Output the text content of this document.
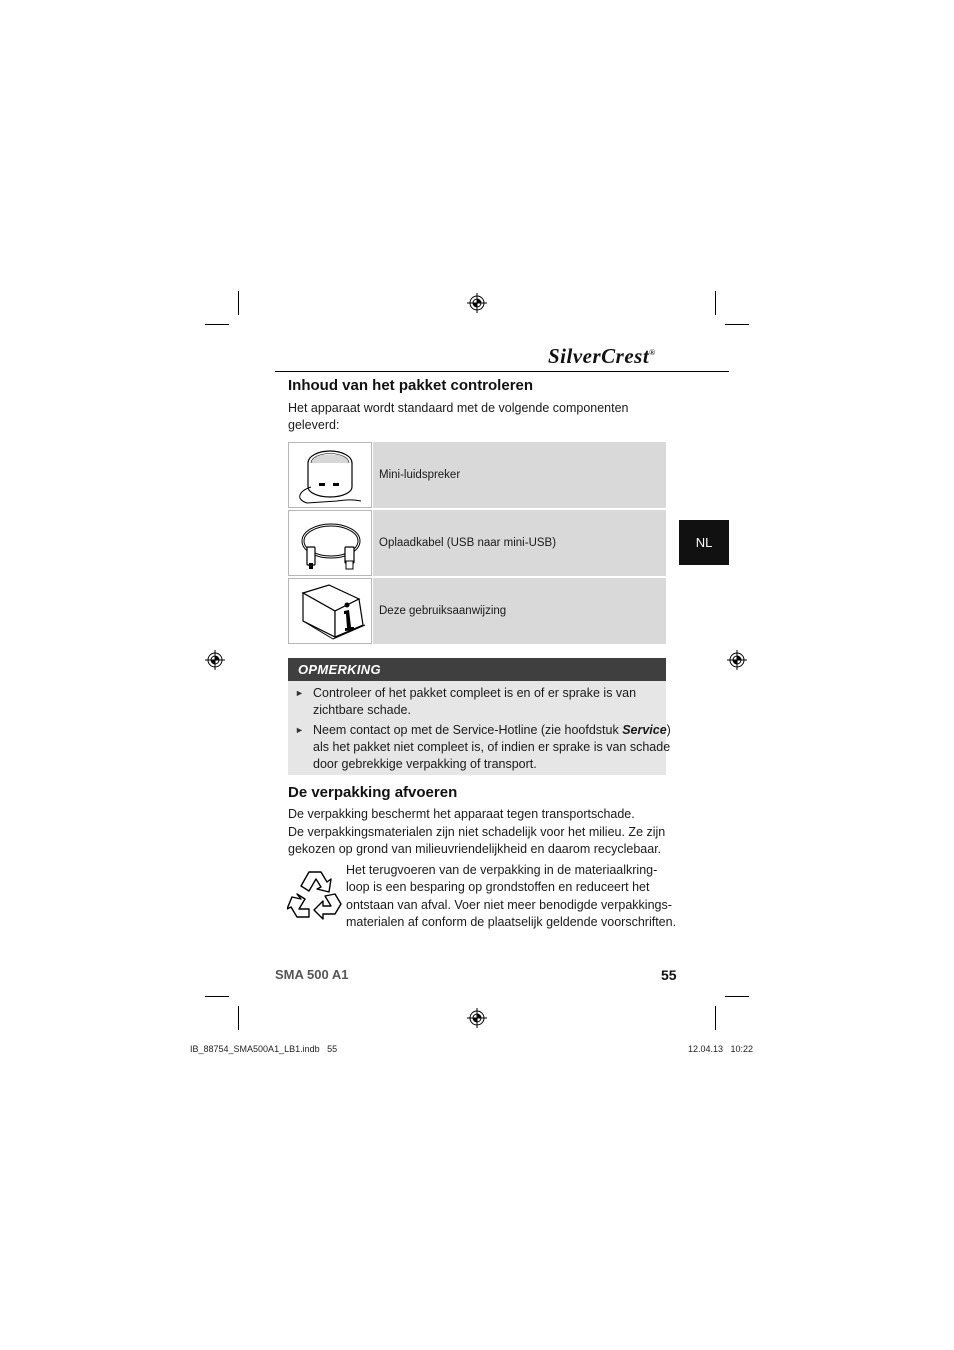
SilverCrest®
NL
Inhoud van het pakket controleren
Het apparaat wordt standaard met de volgende componenten
geleverd:
Mini-luidspreker
Oplaadkabel (USB naar mini-USB)
Deze gebruiksaanwijzing
OPMERKING
► Controleer of het pakket compleet is en of er sprake is van
zichtbare schade.
► Neem contact op met de Service-Hotline (zie hoofdstuk Service)
als het pakket niet compleet is, of indien er sprake is van schade
door gebrekkige verpakking of transport.
De verpakking afvoeren
De verpakking beschermt het apparaat tegen transportschade.
De verpakkingsmaterialen zijn niet schadelijk voor het milieu. Ze zijn
gekozen op grond van milieuvriendelijkheid en daarom recyclebaar.
Het terugvoeren van de verpakking in de materiaalkring-
loop is een besparing op grondstoffen en reduceert het
ontstaan van afval. Voer niet meer benodigde verpakkings-
materialen af conform de plaatselijk geldende voorschriften.
SMA 500 A1	55
IB_88754_SMA500A1_LB1.indb   55	12.04.13   10:22
